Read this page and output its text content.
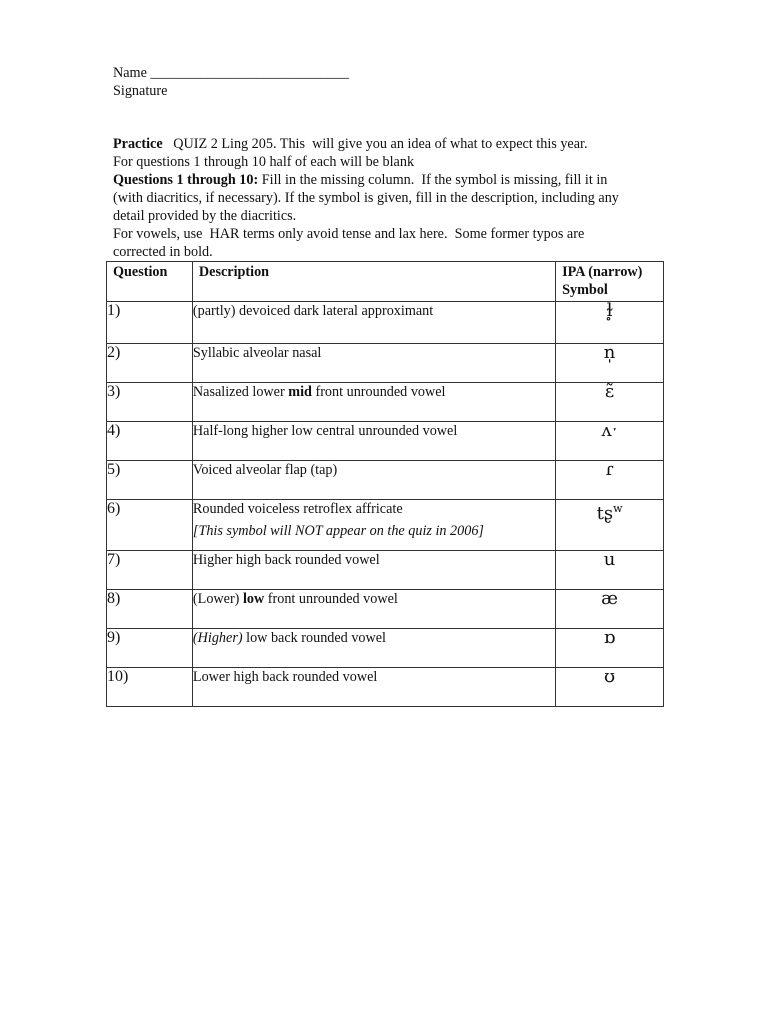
Name ____________________________
Signature
Practice   QUIZ 2 Ling 205. This  will give you an idea of what to expect this year.
For questions 1 through 10 half of each will be blank
Questions 1 through 10: Fill in the missing column.  If the symbol is missing, fill it in
(with diacritics, if necessary). If the symbol is given, fill in the description, including any
detail provided by the diacritics.
For vowels, use  HAR terms only avoid tense and lax here.  Some former typos are
corrected in bold.
Question	Description	IPA (narrow)
Symbol
1)	(partly) devoiced dark lateral approximant	ɫ̥
2)	Syllabic alveolar nasal	n̩
3)	Nasalized lower mid front unrounded vowel	ɛ̃
4)	Half-long higher low central unrounded vowel	ʌˑ
5)	Voiced alveolar flap (tap)	ɾ
6)	Rounded voiceless retroflex affricate
[This symbol will NOT appear on the quiz in 2006]	tʂ$^w$
7)	Higher high back rounded vowel	u
8)	(Lower) low front unrounded vowel	æ
9)	(Higher) low back rounded vowel	ɒ
10)	Lower high back rounded vowel	ʊ
